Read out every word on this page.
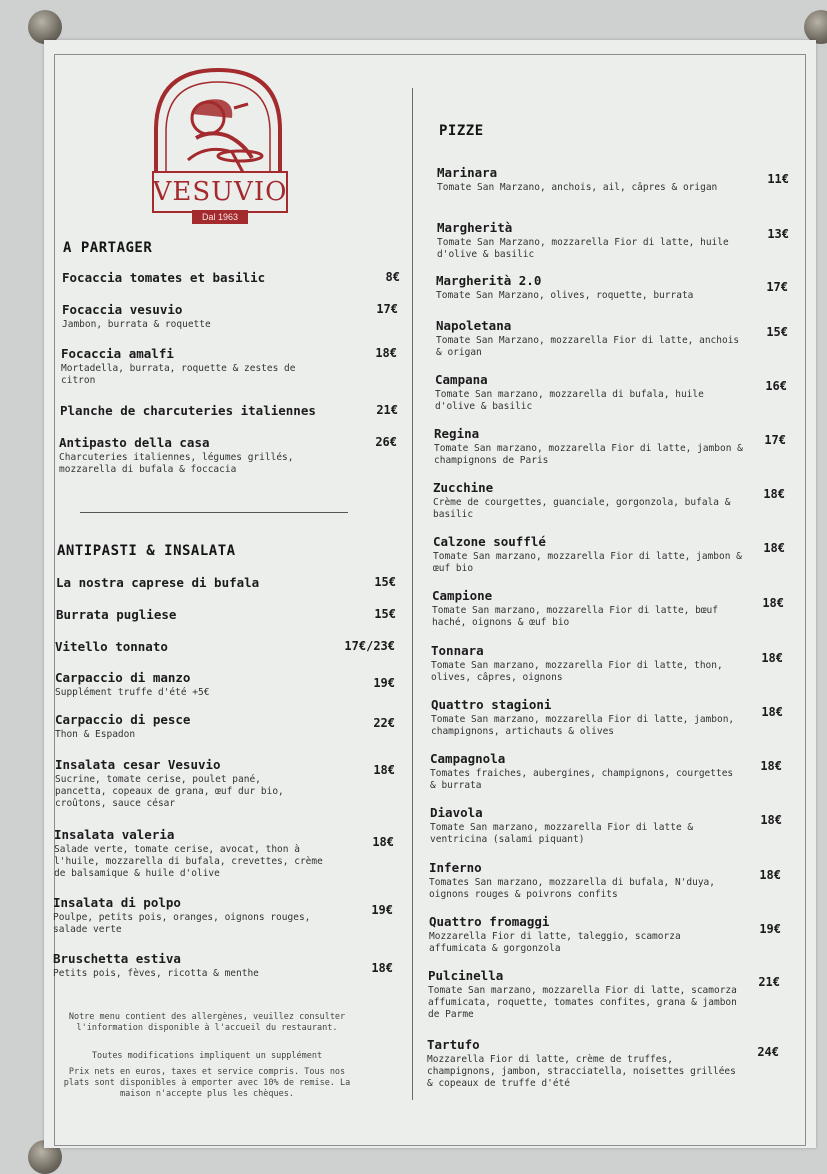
VESUVIO
Dal 1963
A PARTAGER
Focaccia tomates et basilic	8€
Focaccia vesuvio
Jambon, burrata & roquette
17€
Focaccia amalfi
Mortadella, burrata, roquette & zestes de citron
18€
Planche de charcuteries italiennes	21€
Antipasto della casa
Charcuteries italiennes, légumes grillés, mozzarella di bufala & foccacia
26€
ANTIPASTI & INSALATA
La nostra caprese di bufala	15€
Burrata pugliese	15€
Vitello tonnato	17€/23€
Carpaccio di manzo
Supplément truffe d'été +5€
19€
Carpaccio di pesce
Thon & Espadon
22€
Insalata cesar Vesuvio
Sucrine, tomate cerise, poulet pané, pancetta, copeaux de grana, œuf dur bio, croûtons, sauce césar
18€
Insalata valeria
Salade verte, tomate cerise, avocat, thon à l'huile, mozzarella di bufala, crevettes, crème de balsamique & huile d'olive
18€
Insalata di polpo
Poulpe, petits pois, oranges, oignons rouges, salade verte
19€
Bruschetta estiva
Petits pois, fèves, ricotta & menthe	18€
Notre menu contient des allergènes, veuillez consulter l'information disponible à l'accueil du restaurant.
Toutes modifications impliquent un supplément
Prix nets en euros, taxes et service compris. Tous nos plats sont disponibles à emporter avec 10% de remise. La maison n'accepte plus les chèques.
PIZZE
Marinara
Tomate San Marzano, anchois, ail, câpres & origan
11€
Margherità
Tomate San Marzano, mozzarella Fior di latte, huile d'olive & basilic
13€
Margherità 2.0
Tomate San Marzano, olives, roquette, burrata
17€
Napoletana
Tomate San Marzano, mozzarella Fior di latte, anchois & origan
15€
Campana
Tomate San marzano, mozzarella di bufala, huile d'olive & basilic
16€
Regina
Tomate San marzano, mozzarella Fior di latte, jambon & champignons de Paris
17€
Zucchine
Crème de courgettes, guanciale, gorgonzola, bufala & basilic
18€
Calzone soufflé
Tomate San marzano, mozzarella Fior di latte, jambon & œuf bio
18€
Campione
Tomate San marzano, mozzarella Fior di latte, bœuf haché, oignons & œuf bio
18€
Tonnara
Tomate San marzano, mozzarella Fior di latte, thon, olives, câpres, oignons
18€
Quattro stagioni
Tomate San marzano, mozzarella Fior di latte, jambon, champignons, artichauts & olives
18€
Campagnola
Tomates fraiches, aubergines, champignons, courgettes & burrata
18€
Diavola
Tomate San marzano, mozzarella Fior di latte & ventricina (salami piquant)
18€
Inferno
Tomates San marzano, mozzarella di bufala, N'duya, oignons rouges & poivrons confits
18€
Quattro fromaggi
Mozzarella Fior di latte, taleggio, scamorza affumicata & gorgonzola
19€
Pulcinella
Tomate San marzano, mozzarella Fior di latte, scamorza affumicata, roquette, tomates confites, grana & jambon de Parme
21€
Tartufo
Mozzarella Fior di latte, crème de truffes, champignons, jambon, stracciatella, noisettes grillées & copeaux de truffe d'été
24€
